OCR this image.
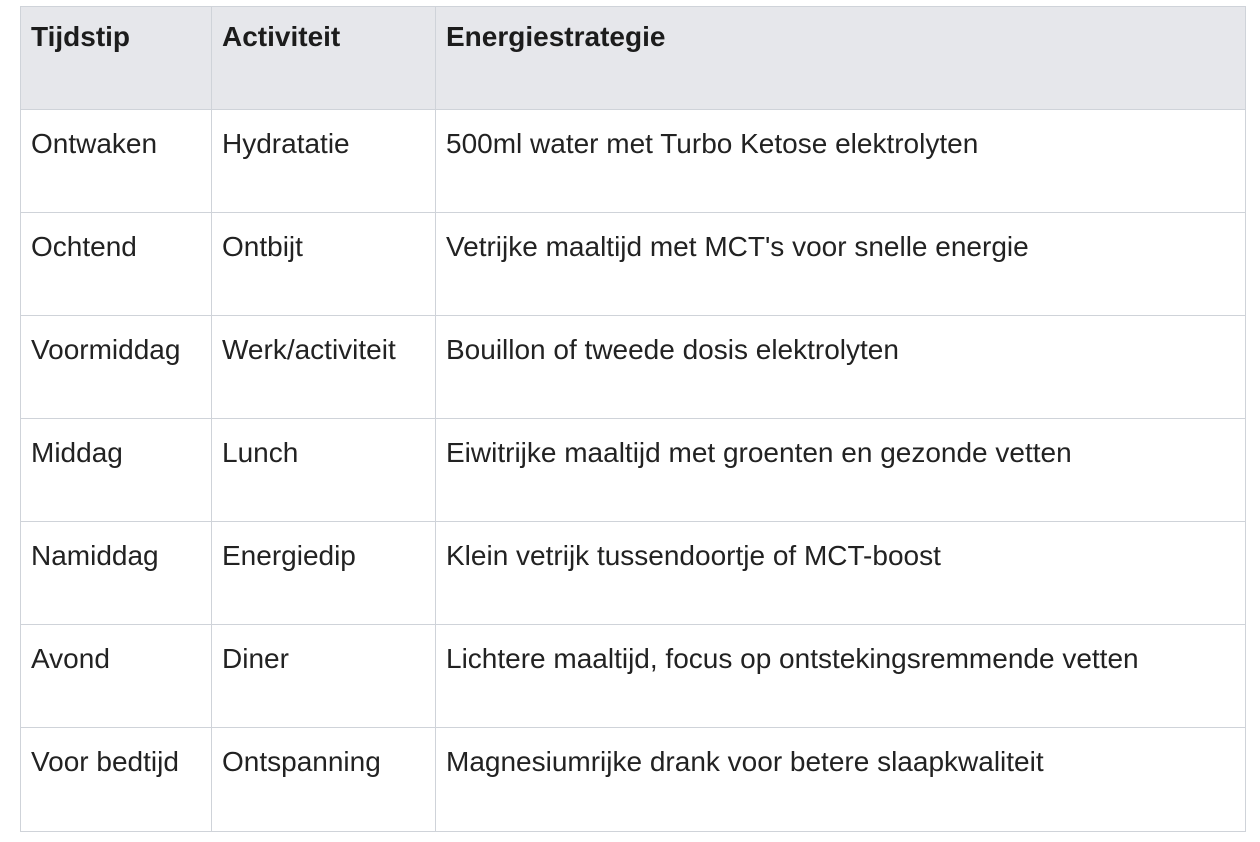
Tijdstip	Activiteit	Energiestrategie
Ontwaken	Hydratatie	500ml water met Turbo Ketose elektrolyten
Ochtend	Ontbijt	Vetrijke maaltijd met MCT's voor snelle energie
Voormiddag	Werk/activiteit	Bouillon of tweede dosis elektrolyten
Middag	Lunch	Eiwitrijke maaltijd met groenten en gezonde vetten
Namiddag	Energiedip	Klein vetrijk tussendoortje of MCT-boost
Avond	Diner	Lichtere maaltijd, focus op ontstekingsremmende vetten
Voor bedtijd	Ontspanning	Magnesiumrijke drank voor betere slaapkwaliteit
